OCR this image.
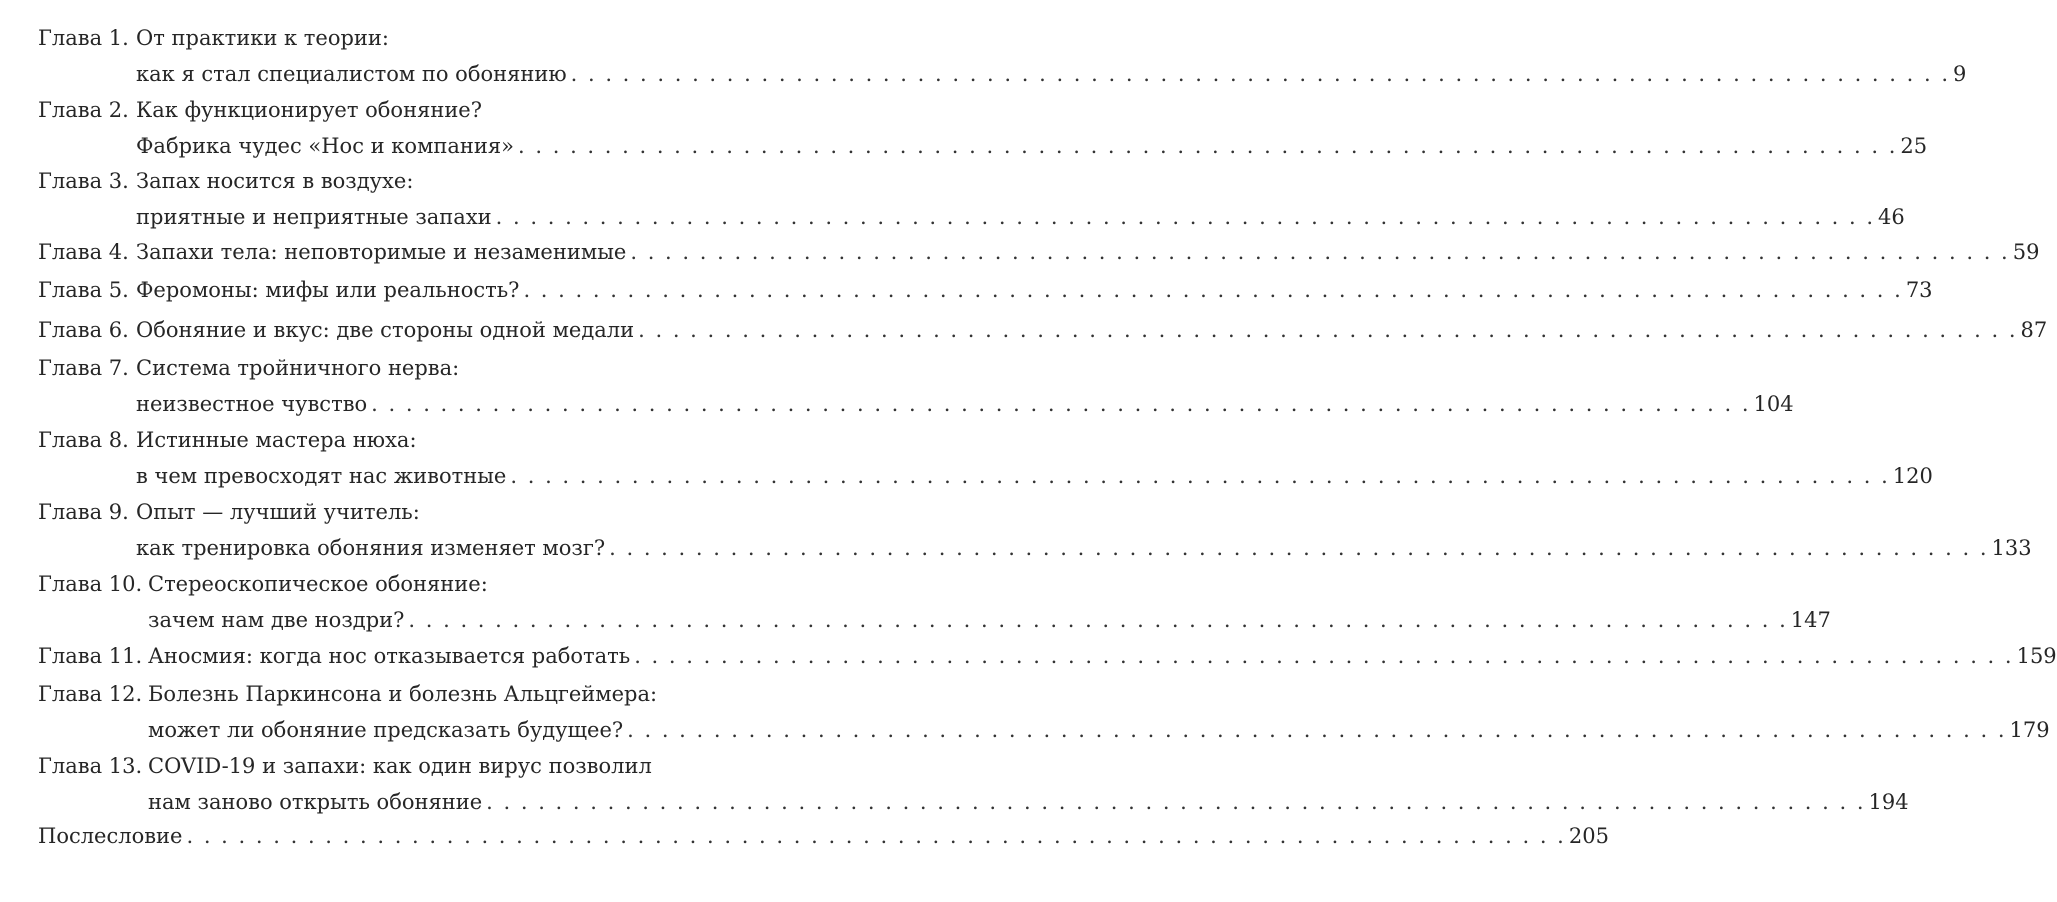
Глава 1. От практики к теории:
как я стал специалистом по обонянию . . . . . . . . . . . . . . . . . . . . . . . . . . . . . . . . . . . . . . . . . . . . . . . . . . . . . . . . . . . . . . . . . . . . . . . . . . . . . . . . 9
Глава 2. Как функционирует обоняние?
Фабрика чудес «Нос и компания» . . . . . . . . . . . . . . . . . . . . . . . . . . . . . . . . . . . . . . . . . . . . . . . . . . . . . . . . . . . . . . . . . . . . . . . . . . . . . . . . 25
Глава 3. Запах носится в воздухе:
приятные и неприятные запахи . . . . . . . . . . . . . . . . . . . . . . . . . . . . . . . . . . . . . . . . . . . . . . . . . . . . . . . . . . . . . . . . . . . . . . . . . . . . . . . . 46
Глава 4. Запахи тела: неповторимые и незаменимые . . . . . . . . . . . . . . . . . . . . . . . . . . . . . . . . . . . . . . . . . . . . . . . . . . . . . . . . . . . . . . . . . . . . . . . . . . . . . . . . 59
Глава 5. Феромоны: мифы или реальность? . . . . . . . . . . . . . . . . . . . . . . . . . . . . . . . . . . . . . . . . . . . . . . . . . . . . . . . . . . . . . . . . . . . . . . . . . . . . . . . . 73
Глава 6. Обоняние и вкус: две стороны одной медали . . . . . . . . . . . . . . . . . . . . . . . . . . . . . . . . . . . . . . . . . . . . . . . . . . . . . . . . . . . . . . . . . . . . . . . . . . . . . . . . 87
Глава 7. Система тройничного нерва:
неизвестное чувство . . . . . . . . . . . . . . . . . . . . . . . . . . . . . . . . . . . . . . . . . . . . . . . . . . . . . . . . . . . . . . . . . . . . . . . . . . . . . . . . 104
Глава 8. Истинные мастера нюха:
в чем превосходят нас животные . . . . . . . . . . . . . . . . . . . . . . . . . . . . . . . . . . . . . . . . . . . . . . . . . . . . . . . . . . . . . . . . . . . . . . . . . . . . . . . . 120
Глава 9. Опыт — лучший учитель:
как тренировка обоняния изменяет мозг? . . . . . . . . . . . . . . . . . . . . . . . . . . . . . . . . . . . . . . . . . . . . . . . . . . . . . . . . . . . . . . . . . . . . . . . . . . . . . . . . 133
Глава 10. Стереоскопическое обоняние:
зачем нам две ноздри? . . . . . . . . . . . . . . . . . . . . . . . . . . . . . . . . . . . . . . . . . . . . . . . . . . . . . . . . . . . . . . . . . . . . . . . . . . . . . . . . 147
Глава 11. Аносмия: когда нос отказывается работать . . . . . . . . . . . . . . . . . . . . . . . . . . . . . . . . . . . . . . . . . . . . . . . . . . . . . . . . . . . . . . . . . . . . . . . . . . . . . . . . 159
Глава 12. Болезнь Паркинсона и болезнь Альцгеймера:
может ли обоняние предсказать будущее? . . . . . . . . . . . . . . . . . . . . . . . . . . . . . . . . . . . . . . . . . . . . . . . . . . . . . . . . . . . . . . . . . . . . . . . . . . . . . . . . 179
Глава 13. COVID-19 и запахи: как один вирус позволил
нам заново открыть обоняние . . . . . . . . . . . . . . . . . . . . . . . . . . . . . . . . . . . . . . . . . . . . . . . . . . . . . . . . . . . . . . . . . . . . . . . . . . . . . . . . 194
Послесловие . . . . . . . . . . . . . . . . . . . . . . . . . . . . . . . . . . . . . . . . . . . . . . . . . . . . . . . . . . . . . . . . . . . . . . . . . . . . . . . . 205
